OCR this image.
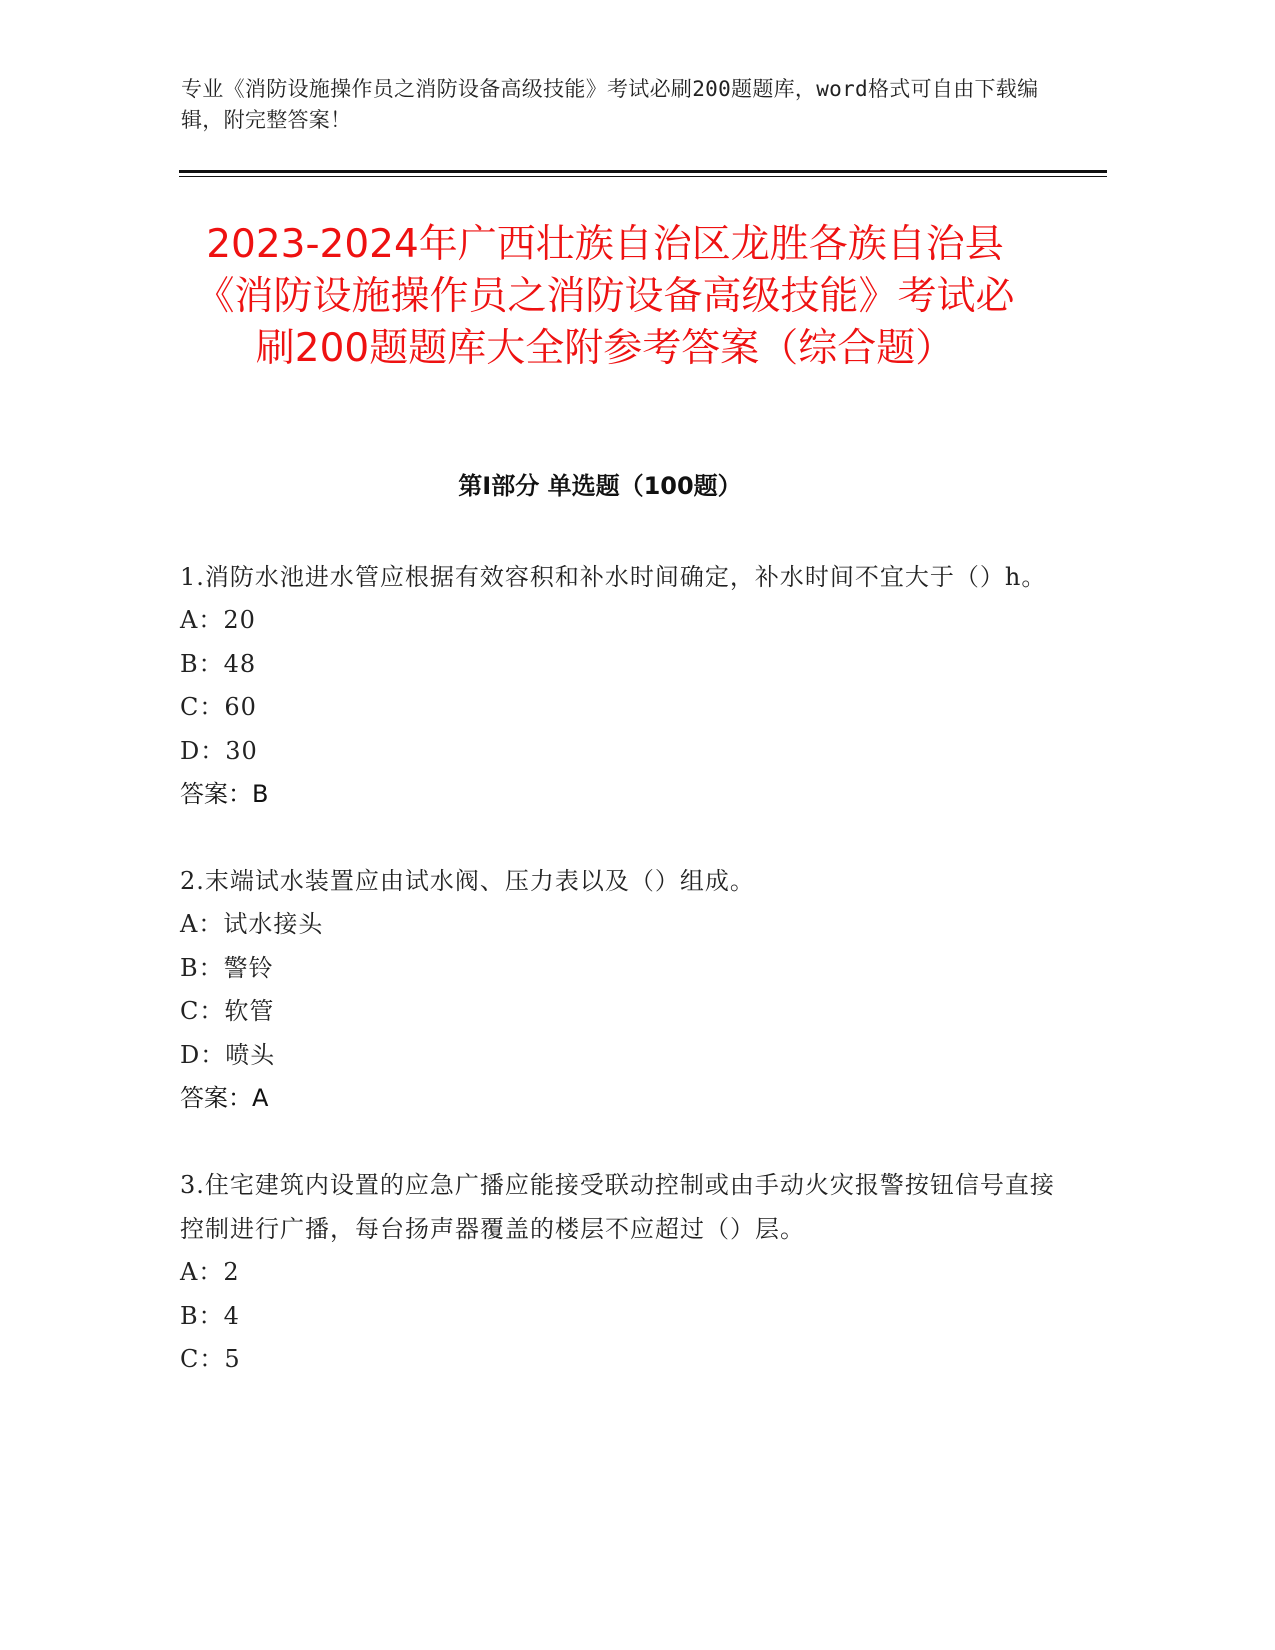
专业《消防设施操作员之消防设备高级技能》考试必刷200题题库，word格式可自由下载编辑，附完整答案！
2023-2024年广西壮族自治区龙胜各族自治县《消防设施操作员之消防设备高级技能》考试必刷200题题库大全附参考答案（综合题）
第Ⅰ部分 单选题（100题）
1.消防水池进水管应根据有效容积和补水时间确定，补水时间不宜大于（）h。
A：20
B：48
C：60
D：30
答案：B
2.末端试水装置应由试水阀、压力表以及（）组成。
A：试水接头
B：警铃
C：软管
D：喷头
答案：A
3.住宅建筑内设置的应急广播应能接受联动控制或由手动火灾报警按钮信号直接控制进行广播，每台扬声器覆盖的楼层不应超过（）层。
A：2
B：4
C：5
